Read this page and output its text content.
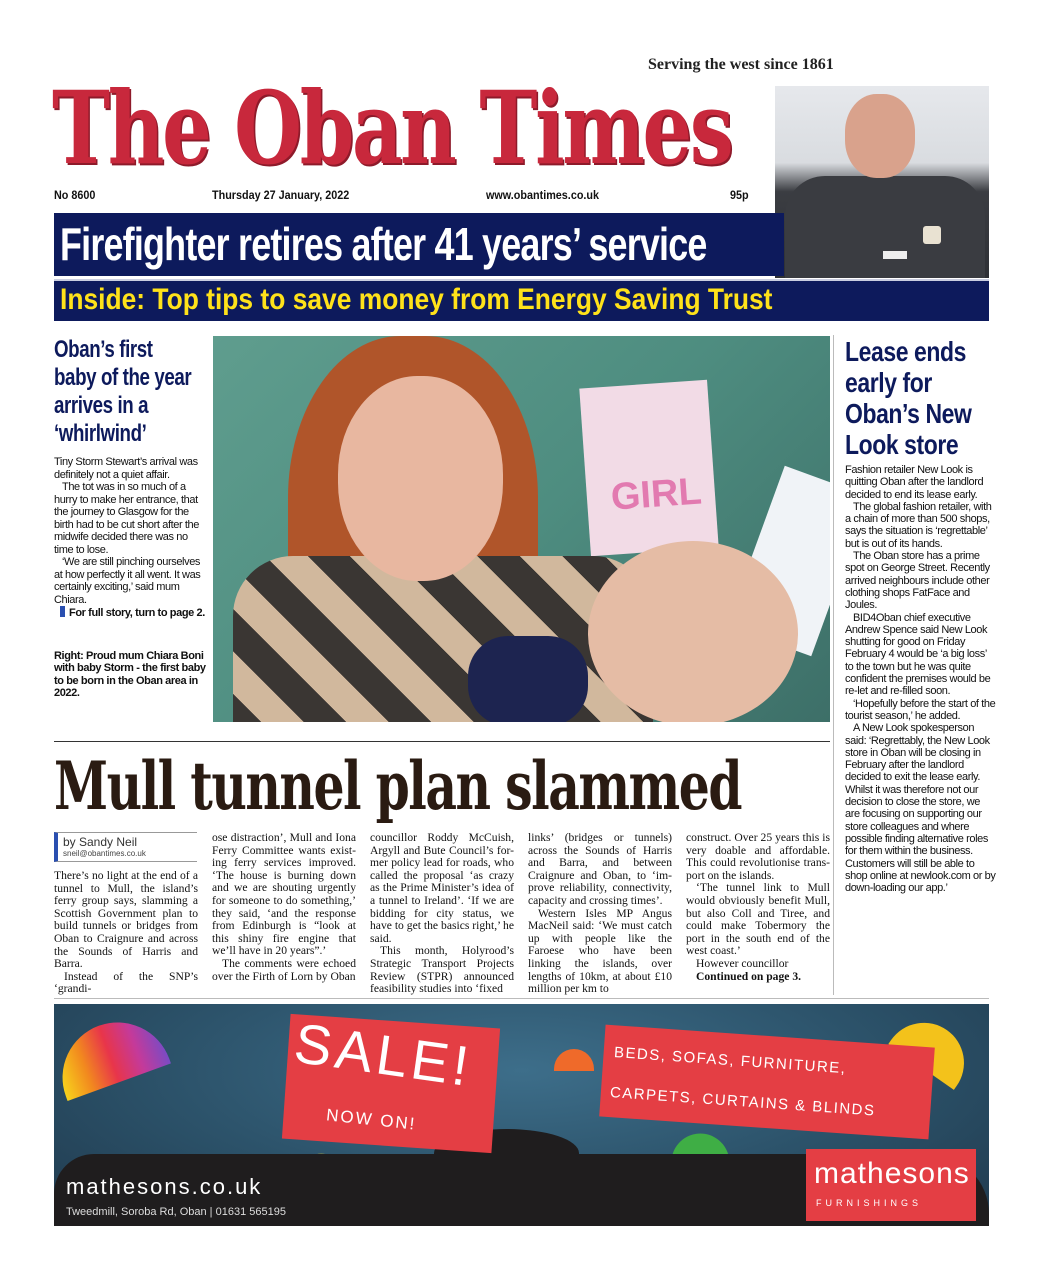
The Oban Times
Serving the west since 1861
No 8600	Thursday 27 January, 2022	www.obantimes.co.uk	95p
Firefighter retires after 41 years’ service
Inside: Top tips to save money from Energy Saving Trust
Oban’s first baby of the year arrives in a ‘whirlwind’

Tiny Storm Stewart’s arrival was definitely not a quiet affair.

The tot was in so much of a hurry to make her entrance, that the journey to Glasgow for the birth had to be cut short after the midwife decided there was no time to lose.

‘We are still pinching ourselves at how perfectly it all went. It was certainly exciting,’ said mum Chiara.

For full story, turn to page 2.
Right: Proud mum Chiara Boni with baby Storm - the first baby to be born in the Oban area in 2022.
GIRL
Lease ends early for Oban’s New Look store

Fashion retailer New Look is quitting Oban after the landlord decided to end its lease early.

The global fashion retailer, with a chain of more than 500 shops, says the situation is ‘regrettable’ but is out of its hands.

The Oban store has a prime spot on George Street. Recently arrived neighbours include other clothing shops FatFace and Joules.

BID4Oban chief executive Andrew Spence said New Look shutting for good on Friday February 4 would be ‘a big loss’ to the town but he was quite confident the premises would be re-let and re-filled soon.

‘Hopefully before the start of the tourist season,’ he added.

A New Look spokesperson said: ‘Regrettably, the New Look store in Oban will be closing in February after the landlord decided to exit the lease early. Whilst it was therefore not our decision to close the store, we are focusing on supporting our store colleagues and where possible finding alternative roles for them within the business. Customers will still be able to shop online at newlook.com or by down-loading our app.’

Mull tunnel plan slammed
by Sandy Neil
sneil@obantimes.co.uk

There’s no light at the end of a tunnel to Mull, the island’s ferry group says, slamming a Scottish Government plan to build tunnels or bridges from Oban to Craignure and across the Sounds of Harris and Barra.

Instead of the SNP’s ‘grandi-

ose distraction’, Mull and Iona Ferry Committee wants exist-ing ferry services improved. ‘The house is burning down and we are shouting urgently for someone to do something,’ they said, ‘and the response from Edinburgh is “look at this shiny fire engine that we’ll have in 20 years”.’

The comments were echoed over the Firth of Lorn by Oban

councillor Roddy McCuish, Argyll and Bute Council’s for-mer policy lead for roads, who called the proposal ‘as crazy as the Prime Minister’s idea of a tunnel to Ireland’. ‘If we are bidding for city status, we have to get the basics right,’ he said.

This month, Holyrood’s Strategic Transport Projects Review (STPR) announced feasibility studies into ‘fixed

links’ (bridges or tunnels) across the Sounds of Harris and Barra, and between Craignure and Oban, to ‘im-prove reliability, connectivity, capacity and crossing times’.

Western Isles MP Angus MacNeil said: ‘We must catch up with people like the Faroese who have been linking the islands, over lengths of 10km, at about £10 million per km to

construct. Over 25 years this is very doable and affordable. This could revolutionise trans-port on the islands.

‘The tunnel link to Mull would obviously benefit Mull, but also Coll and Tiree, and could make Tobermory the port in the south end of the west coast.’

However councillor

Continued on page 3.

SALE!
NOW ON!
BEDS, SOFAS, FURNITURE,
CARPETS, CURTAINS & BLINDS
mathesons
FURNISHINGS
mathesons.co.uk
Tweedmill, Soroba Rd, Oban | 01631 565195
